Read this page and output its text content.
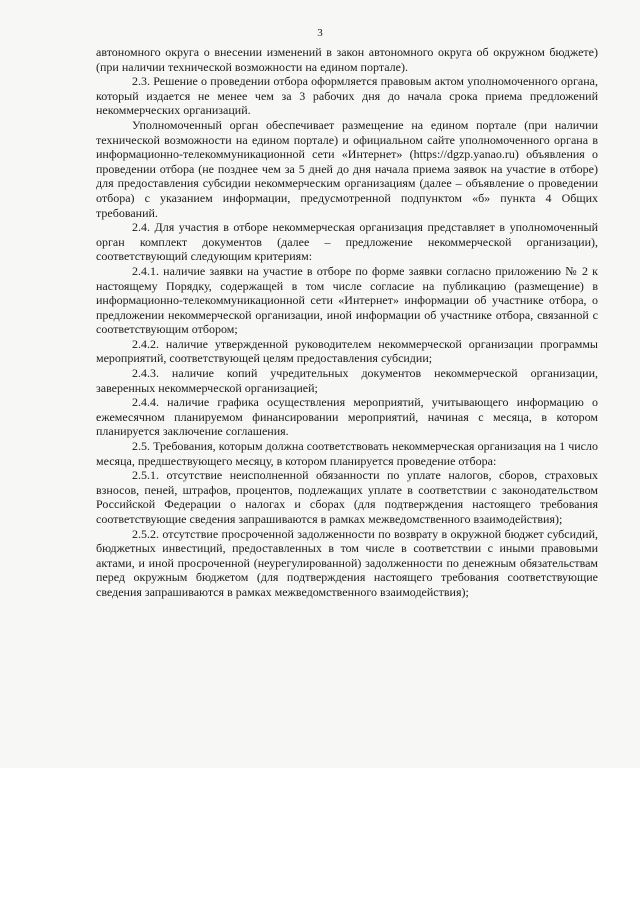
3

автономного округа о внесении изменений в закон автономного округа об окружном бюджете) (при наличии технической возможности на едином портале).

2.3. Решение о проведении отбора оформляется правовым актом уполномоченного органа, который издается не менее чем за 3 рабочих дня до начала срока приема предложений некоммерческих организаций.

Уполномоченный орган обеспечивает размещение на едином портале (при наличии технической возможности на едином портале) и официальном сайте уполномоченного органа в информационно-телекоммуникационной сети «Интернет» (https://dgzp.yanao.ru) объявления о проведении отбора (не позднее чем за 5 дней до дня начала приема заявок на участие в отборе) для предоставления субсидии некоммерческим организациям (далее – объявление о проведении отбора) с указанием информации, предусмотренной подпунктом «б» пункта 4 Общих требований.

2.4. Для участия в отборе некоммерческая организация представляет в уполномоченный орган комплект документов (далее – предложение некоммерческой организации), соответствующий следующим критериям:

2.4.1. наличие заявки на участие в отборе по форме заявки согласно приложению № 2 к настоящему Порядку, содержащей в том числе согласие на публикацию (размещение) в информационно-телекоммуникационной сети «Интернет» информации об участнике отбора, о предложении некоммерческой организации, иной информации об участнике отбора, связанной с соответствующим отбором;

2.4.2. наличие утвержденной руководителем некоммерческой организации программы мероприятий, соответствующей целям предоставления субсидии;

2.4.3. наличие копий учредительных документов некоммерческой организации, заверенных некоммерческой организацией;

2.4.4. наличие графика осуществления мероприятий, учитывающего информацию о ежемесячном планируемом финансировании мероприятий, начиная с месяца, в котором планируется заключение соглашения.

2.5. Требования, которым должна соответствовать некоммерческая организация на 1 число месяца, предшествующего месяцу, в котором планируется проведение отбора:

2.5.1. отсутствие неисполненной обязанности по уплате налогов, сборов, страховых взносов, пеней, штрафов, процентов, подлежащих уплате в соответствии с законодательством Российской Федерации о налогах и сборах (для подтверждения настоящего требования соответствующие сведения запрашиваются в рамках межведомственного взаимодействия);

2.5.2. отсутствие просроченной задолженности по возврату в окружной бюджет субсидий, бюджетных инвестиций, предоставленных в том числе в соответствии с иными правовыми актами, и иной просроченной (неурегулированной) задолженности по денежным обязательствам перед окружным бюджетом (для подтверждения настоящего требования соответствующие сведения запрашиваются в рамках межведомственного взаимодействия);
